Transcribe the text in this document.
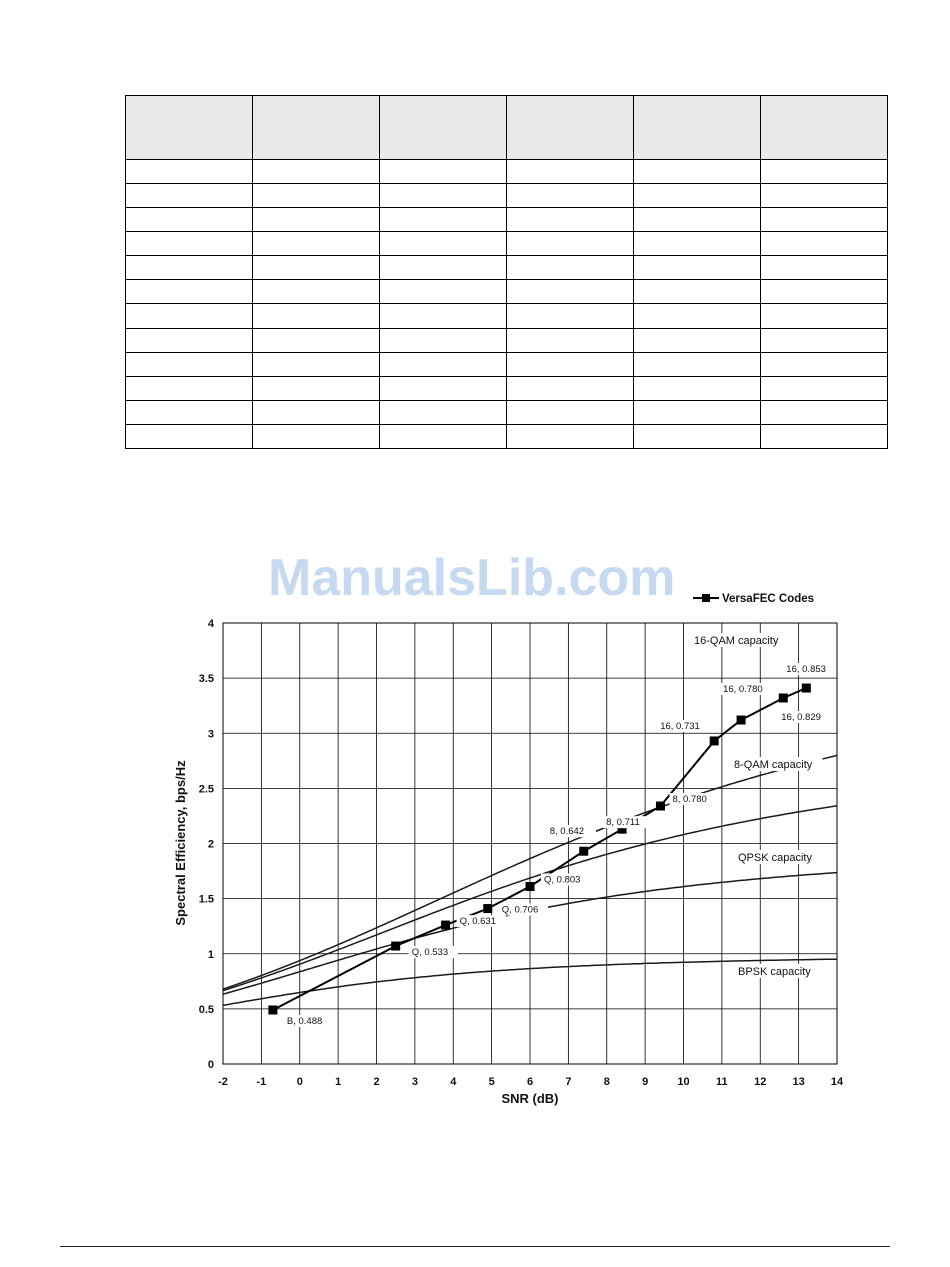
ManualsLib.com
-2	-1	0	1	2	3	4	5	6	7	8	9	10 11 12 13 14
0
0.5
1
1.5
2
2.5
3
3.5
4
16-QAM capacity
8-QAM capacity
QPSK capacity
BPSK capacity
B, 0.488
Q, 0.533
Q, 0.631
Q, 0.706
Q, 0.803
8, 0.642
8, 0.711
8, 0.780
16, 0.731
16, 0.780
16, 0.829
16, 0.853
SNR (dB)
Spectral Efficiency, bps/Hz
VersaFEC Codes
